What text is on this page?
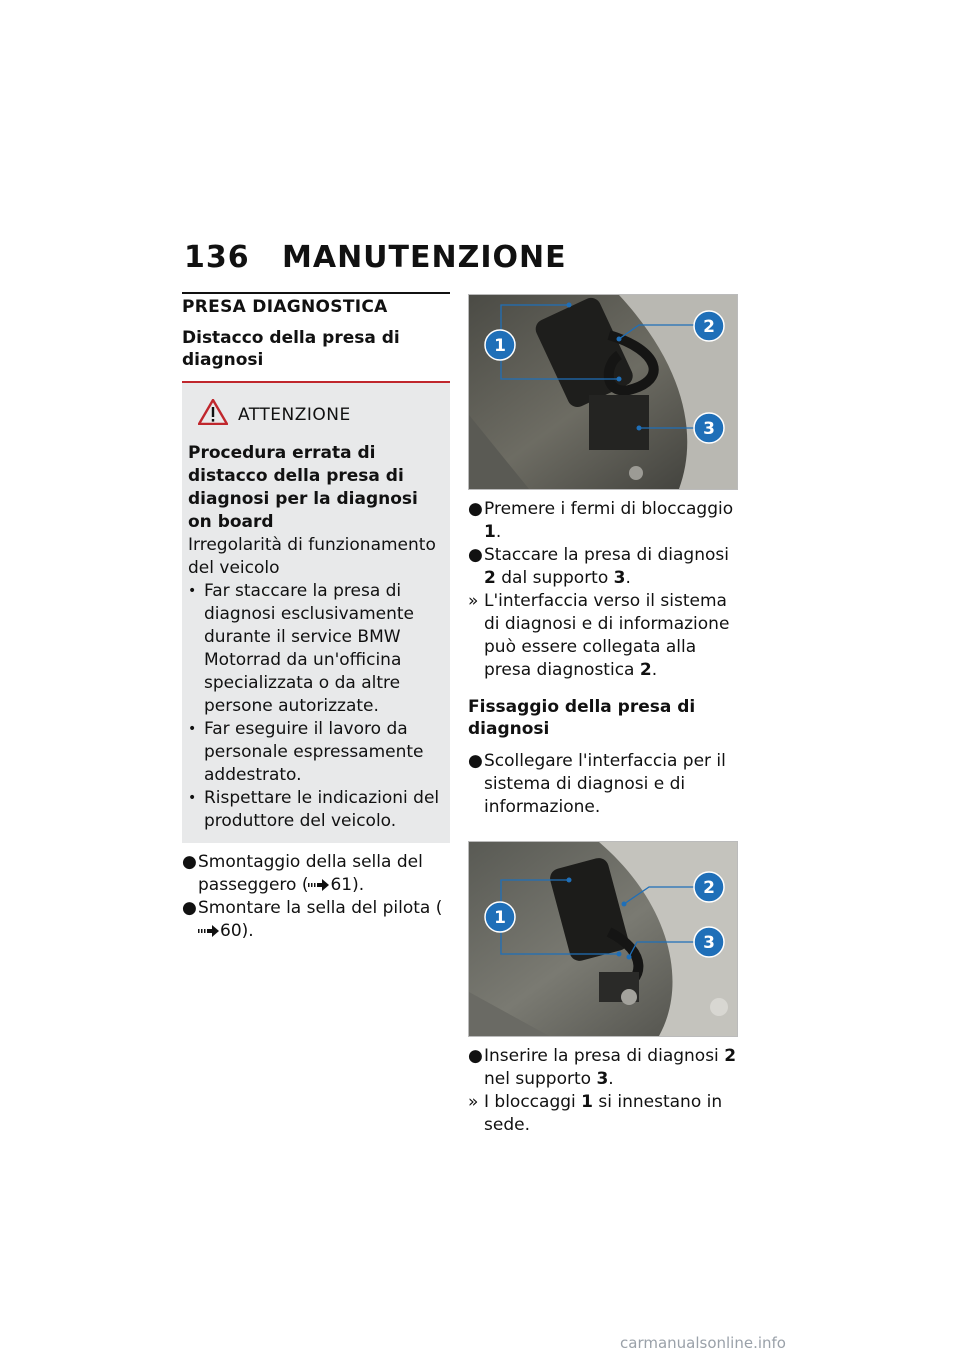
136 MANUTENZIONE
PRESA DIAGNOSTICA
Distacco della presa di diagnosi
ATTENZIONE
Procedura errata di distacco della presa di diagnosi per la diagnosi on board
Irregolarità di funzionamento del veicolo
• Far staccare la presa di diagnosi esclusivamente durante il service BMW Motorrad da un'officina specializzata o da altre persone autorizzate.
• Far eseguire il lavoro da personale espressamente addestrato.
• Rispettare le indicazioni del produttore del veicolo.
● Smontaggio della sella del passeggero ( 61).
● Smontare la sella del pilota (60).
1
2
3
● Premere i fermi di bloccaggio 1.
● Staccare la presa di diagnosi 2 dal supporto 3.
» L'interfaccia verso il sistema di diagnosi e di informazione può essere collegata alla presa diagnostica 2.
Fissaggio della presa di diagnosi
● Scollegare l'interfaccia per il sistema di diagnosi e di informazione.
1
2
3
● Inserire la presa di diagnosi 2 nel supporto 3.
» I bloccaggi 1 si innestano in sede.
carmanualsonline.info
